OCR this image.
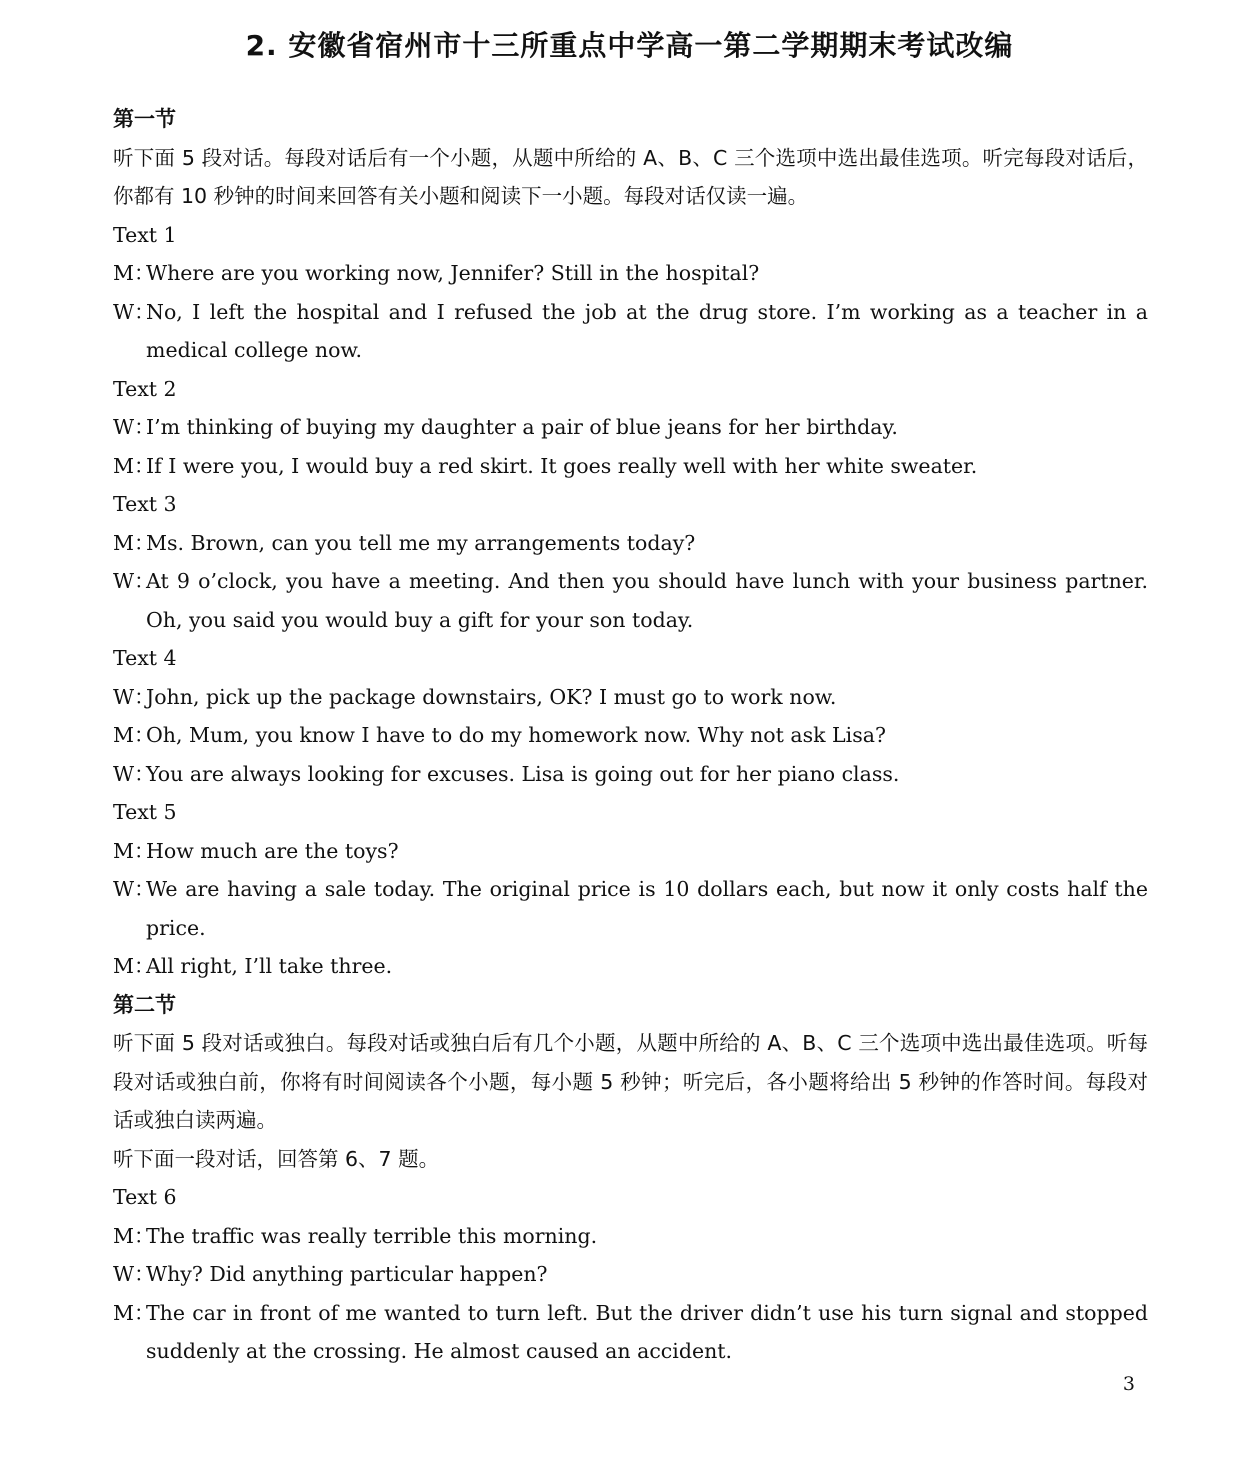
2. 安徽省宿州市十三所重点中学高一第二学期期末考试改编

第一节

听下面 5 段对话。每段对话后有一个小题，从题中所给的 A、B、C 三个选项中选出最佳选项。听完每段对话后，你都有 10 秒钟的时间来回答有关小题和阅读下一小题。每段对话仅读一遍。

Text 1

M：Where are you working now, Jennifer? Still in the hospital?

W：No, I left the hospital and I refused the job at the drug store. I’m working as a teacher in a medical college now.

Text 2

W：I’m thinking of buying my daughter a pair of blue jeans for her birthday.

M：If I were you, I would buy a red skirt. It goes really well with her white sweater.

Text 3

M：Ms. Brown, can you tell me my arrangements today?

W：At 9 o’clock, you have a meeting. And then you should have lunch with your business partner. Oh, you said you would buy a gift for your son today.

Text 4

W：John, pick up the package downstairs, OK? I must go to work now.

M：Oh, Mum, you know I have to do my homework now. Why not ask Lisa?

W：You are always looking for excuses. Lisa is going out for her piano class.

Text 5

M：How much are the toys?

W：We are having a sale today. The original price is 10 dollars each, but now it only costs half the price.

M：All right, I’ll take three.

第二节

听下面 5 段对话或独白。每段对话或独白后有几个小题，从题中所给的 A、B、C 三个选项中选出最佳选项。听每段对话或独白前，你将有时间阅读各个小题，每小题 5 秒钟；听完后，各小题将给出 5 秒钟的作答时间。每段对话或独白读两遍。

听下面一段对话，回答第 6、7 题。

Text 6

M：The traffic was really terrible this morning.

W：Why? Did anything particular happen?

M：The car in front of me wanted to turn left. But the driver didn’t use his turn signal and stopped suddenly at the crossing. He almost caused an accident.

3
